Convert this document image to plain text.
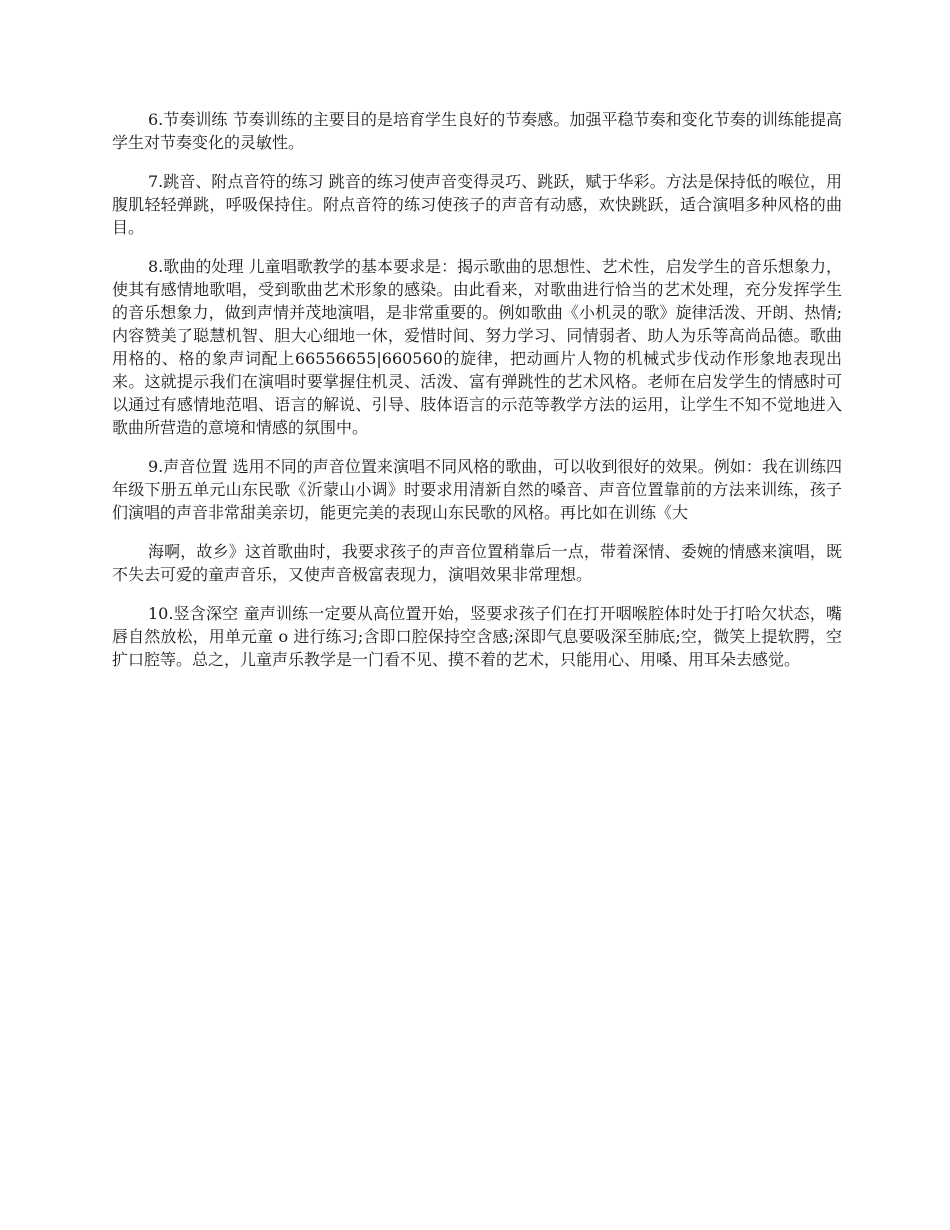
6.节奏训练 节奏训练的主要目的是培育学生良好的节奏感。加强平稳节奏和变化节奏的训练能提高学生对节奏变化的灵敏性。

7.跳音、附点音符的练习 跳音的练习使声音变得灵巧、跳跃，赋于华彩。方法是保持低的喉位，用腹肌轻轻弹跳，呼吸保持住。附点音符的练习使孩子的声音有动感，欢快跳跃，适合演唱多种风格的曲目。

8.歌曲的处理 儿童唱歌教学的基本要求是：揭示歌曲的思想性、艺术性，启发学生的音乐想象力，使其有感情地歌唱，受到歌曲艺术形象的感染。由此看来，对歌曲进行恰当的艺术处理，充分发挥学生的音乐想象力，做到声情并茂地演唱，是非常重要的。例如歌曲《小机灵的歌》旋律活泼、开朗、热情;内容赞美了聪慧机智、胆大心细地一休，爱惜时间、努力学习、同情弱者、助人为乐等高尚品德。歌曲用格的、格的象声词配上66556655|660560的旋律，把动画片人物的机械式步伐动作形象地表现出来。这就提示我们在演唱时要掌握住机灵、活泼、富有弹跳性的艺术风格。老师在启发学生的情感时可以通过有感情地范唱、语言的解说、引导、肢体语言的示范等教学方法的运用，让学生不知不觉地进入歌曲所营造的意境和情感的氛围中。

9.声音位置 选用不同的声音位置来演唱不同风格的歌曲，可以收到很好的效果。例如：我在训练四年级下册五单元山东民歌《沂蒙山小调》时要求用清新自然的嗓音、声音位置靠前的方法来训练，孩子们演唱的声音非常甜美亲切，能更完美的表现山东民歌的风格。再比如在训练《大

海啊，故乡》这首歌曲时，我要求孩子的声音位置稍靠后一点，带着深情、委婉的情感来演唱，既不失去可爱的童声音乐，又使声音极富表现力，演唱效果非常理想。

10.竖含深空 童声训练一定要从高位置开始，竖要求孩子们在打开咽喉腔体时处于打哈欠状态，嘴唇自然放松，用单元童 o 进行练习;含即口腔保持空含感;深即气息要吸深至肺底;空，微笑上提软腭，空扩口腔等。总之，儿童声乐教学是一门看不见、摸不着的艺术，只能用心、用嗓、用耳朵去感觉。
